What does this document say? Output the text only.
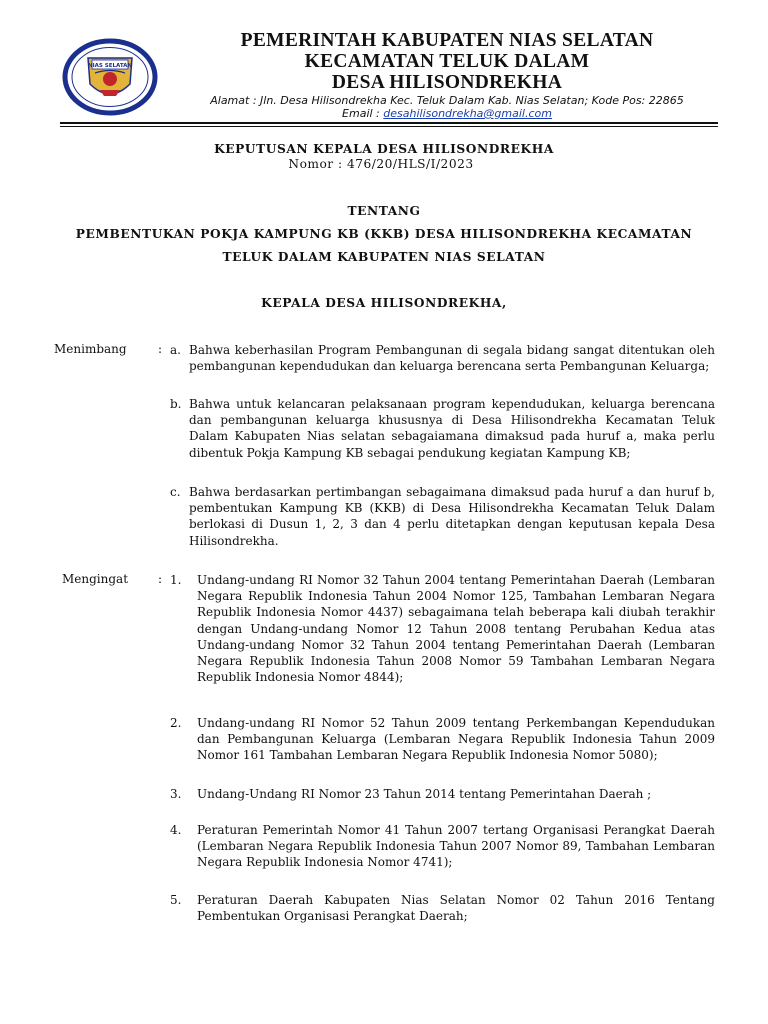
NIAS SELATAN
PEMERINTAH KABUPATEN NIAS SELATAN
KECAMATAN TELUK DALAM
DESA HILISONDREKHA
Alamat : Jln. Desa Hilisondrekha Kec. Teluk Dalam Kab. Nias Selatan; Kode Pos: 22865
Email : desahilisondrekha@gmail.com
KEPUTUSAN KEPALA DESA HILISONDREKHA
Nomor : 476/20/HLS/I/2023
TENTANG
PEMBENTUKAN POKJA KAMPUNG KB (KKB) DESA HILISONDREKHA KECAMATAN
TELUK DALAM KABUPATEN NIAS SELATAN
KEPALA DESA HILISONDREKHA,
Menimbang	: a. Bahwa keberhasilan Program Pembangunan di segala bidang sangat ditentukan oleh pembangunan kependudukan dan keluarga berencana serta Pembangunan Keluarga;
b. Bahwa untuk kelancaran pelaksanaan program kependudukan, keluarga berencana dan pembangunan keluarga khususnya di Desa Hilisondrekha Kecamatan Teluk Dalam Kabupaten Nias selatan sebagaiamana dimaksud pada huruf a, maka perlu dibentuk Pokja Kampung KB sebagai pendukung kegiatan Kampung KB;
c. Bahwa berdasarkan pertimbangan sebagaimana dimaksud pada huruf a dan huruf b, pembentukan Kampung KB (KKB) di Desa Hilisondrekha Kecamatan Teluk Dalam berlokasi di Dusun 1, 2, 3 dan 4 perlu ditetapkan dengan keputusan kepala Desa Hilisondrekha.
Mengingat : 1. Undang-undang RI Nomor 32 Tahun 2004 tentang Pemerintahan Daerah (Lembaran Negara Republik Indonesia Tahun 2004 Nomor 125, Tambahan Lembaran Negara Republik Indonesia Nomor 4437) sebagaimana telah beberapa kali diubah terakhir dengan Undang-undang Nomor 12 Tahun 2008 tentang Perubahan Kedua atas Undang-undang Nomor 32 Tahun 2004 tentang Pemerintahan Daerah (Lembaran Negara Republik Indonesia Tahun 2008 Nomor 59 Tambahan Lembaran Negara Republik Indonesia Nomor 4844);
2. Undang-undang RI Nomor 52 Tahun 2009 tentang Perkembangan Kependudukan dan Pembangunan Keluarga (Lembaran Negara Republik Indonesia Tahun 2009 Nomor 161 Tambahan Lembaran Negara Republik Indonesia Nomor 5080);
3. Undang-Undang RI Nomor 23 Tahun 2014 tentang Pemerintahan Daerah ;
4. Peraturan Pemerintah Nomor 41 Tahun 2007 tertang Organisasi Perangkat Daerah (Lembaran Negara Republik Indonesia Tahun 2007 Nomor 89, Tambahan Lembaran Negara Republik Indonesia Nomor 4741);
5. Peraturan Daerah Kabupaten Nias Selatan Nomor 02 Tahun 2016 Tentang Pembentukan Organisasi Perangkat Daerah;
